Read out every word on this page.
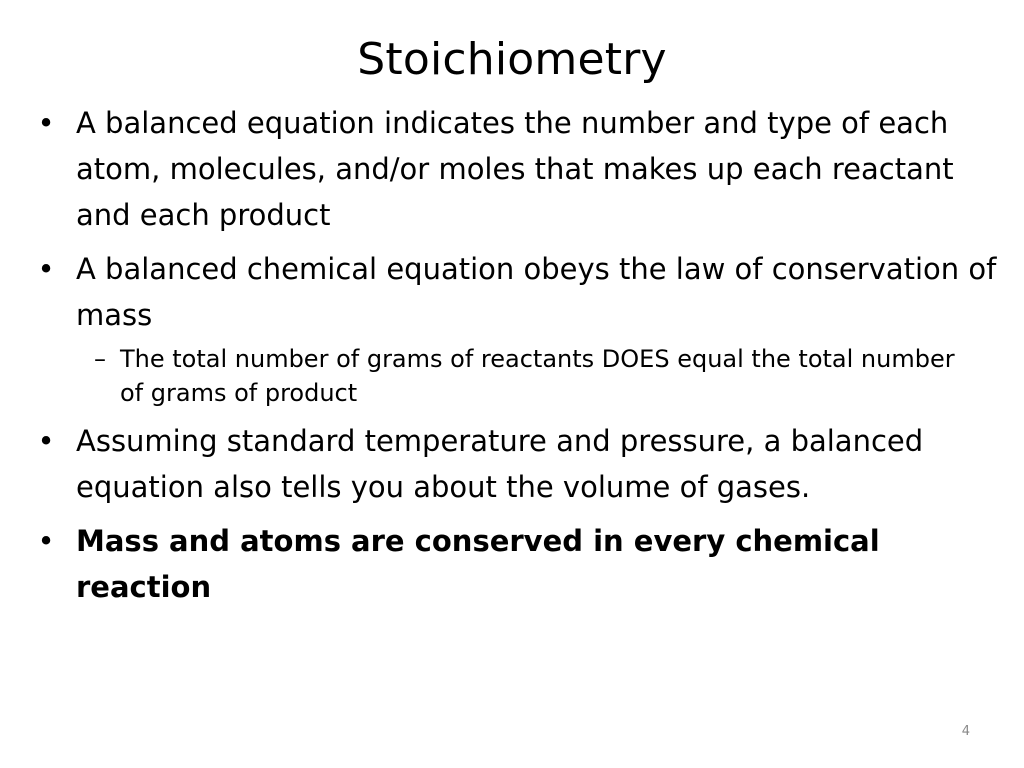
Stoichiometry
• A balanced equation indicates the number and type of each atom, molecules, and/or moles that makes up each reactant and each product
• A balanced chemical equation obeys the law of conservation of mass
– The total number of grams of reactants DOES equal the total number of grams of product
• Assuming standard temperature and pressure, a balanced equation also tells you about the volume of gases.
• Mass and atoms are conserved in every chemical reaction
4
